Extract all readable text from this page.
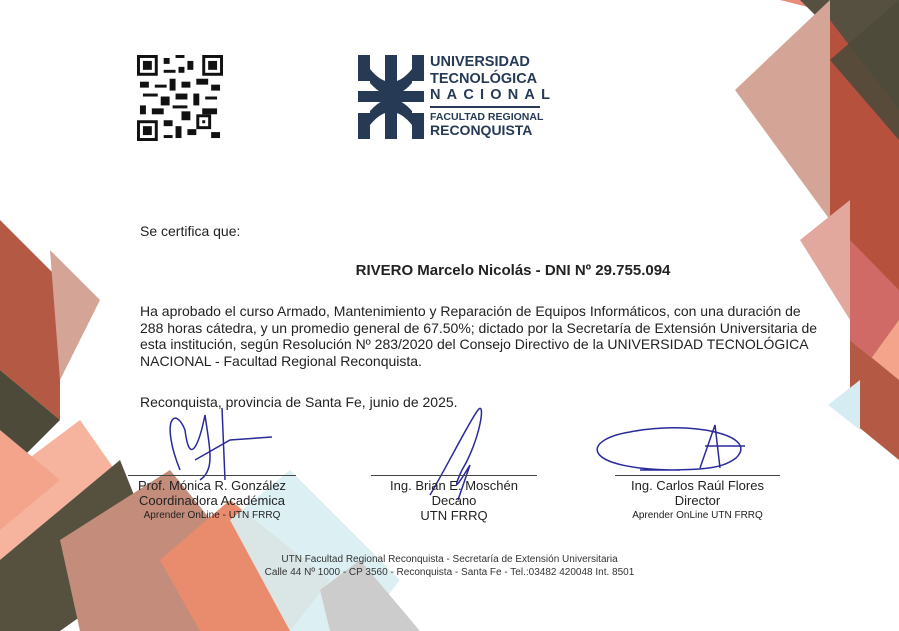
UNIVERSIDAD
TECNOLÓGICA
NACIONAL
FACULTAD REGIONAL
RECONQUISTA
Se certifica que:
RIVERO Marcelo Nicolás - DNI Nº 29.755.094
Ha aprobado el curso Armado, Mantenimiento y Reparación de Equipos Informáticos, con una duración de 288 horas cátedra, y un promedio general de 67.50%; dictado por la Secretaría de Extensión Universitaria de esta institución, según Resolución Nº 283/2020 del Consejo Directivo de la UNIVERSIDAD TECNOLÓGICA NACIONAL - Facultad Regional Reconquista.
Reconquista, provincia de Santa Fe, junio de 2025.
Prof. Mónica R. González
Coordinadora Académica
Aprender OnLine - UTN FRRQ
Ing. Brian E. Moschén
Decano
UTN FRRQ
Ing. Carlos Raúl Flores
Director
Aprender OnLine UTN FRRQ
UTN Facultad Regional Reconquista - Secretaría de Extensión Universitaria
Calle 44 Nº 1000 - CP 3560 - Reconquista - Santa Fe - Tel.:03482 420048 Int. 8501
